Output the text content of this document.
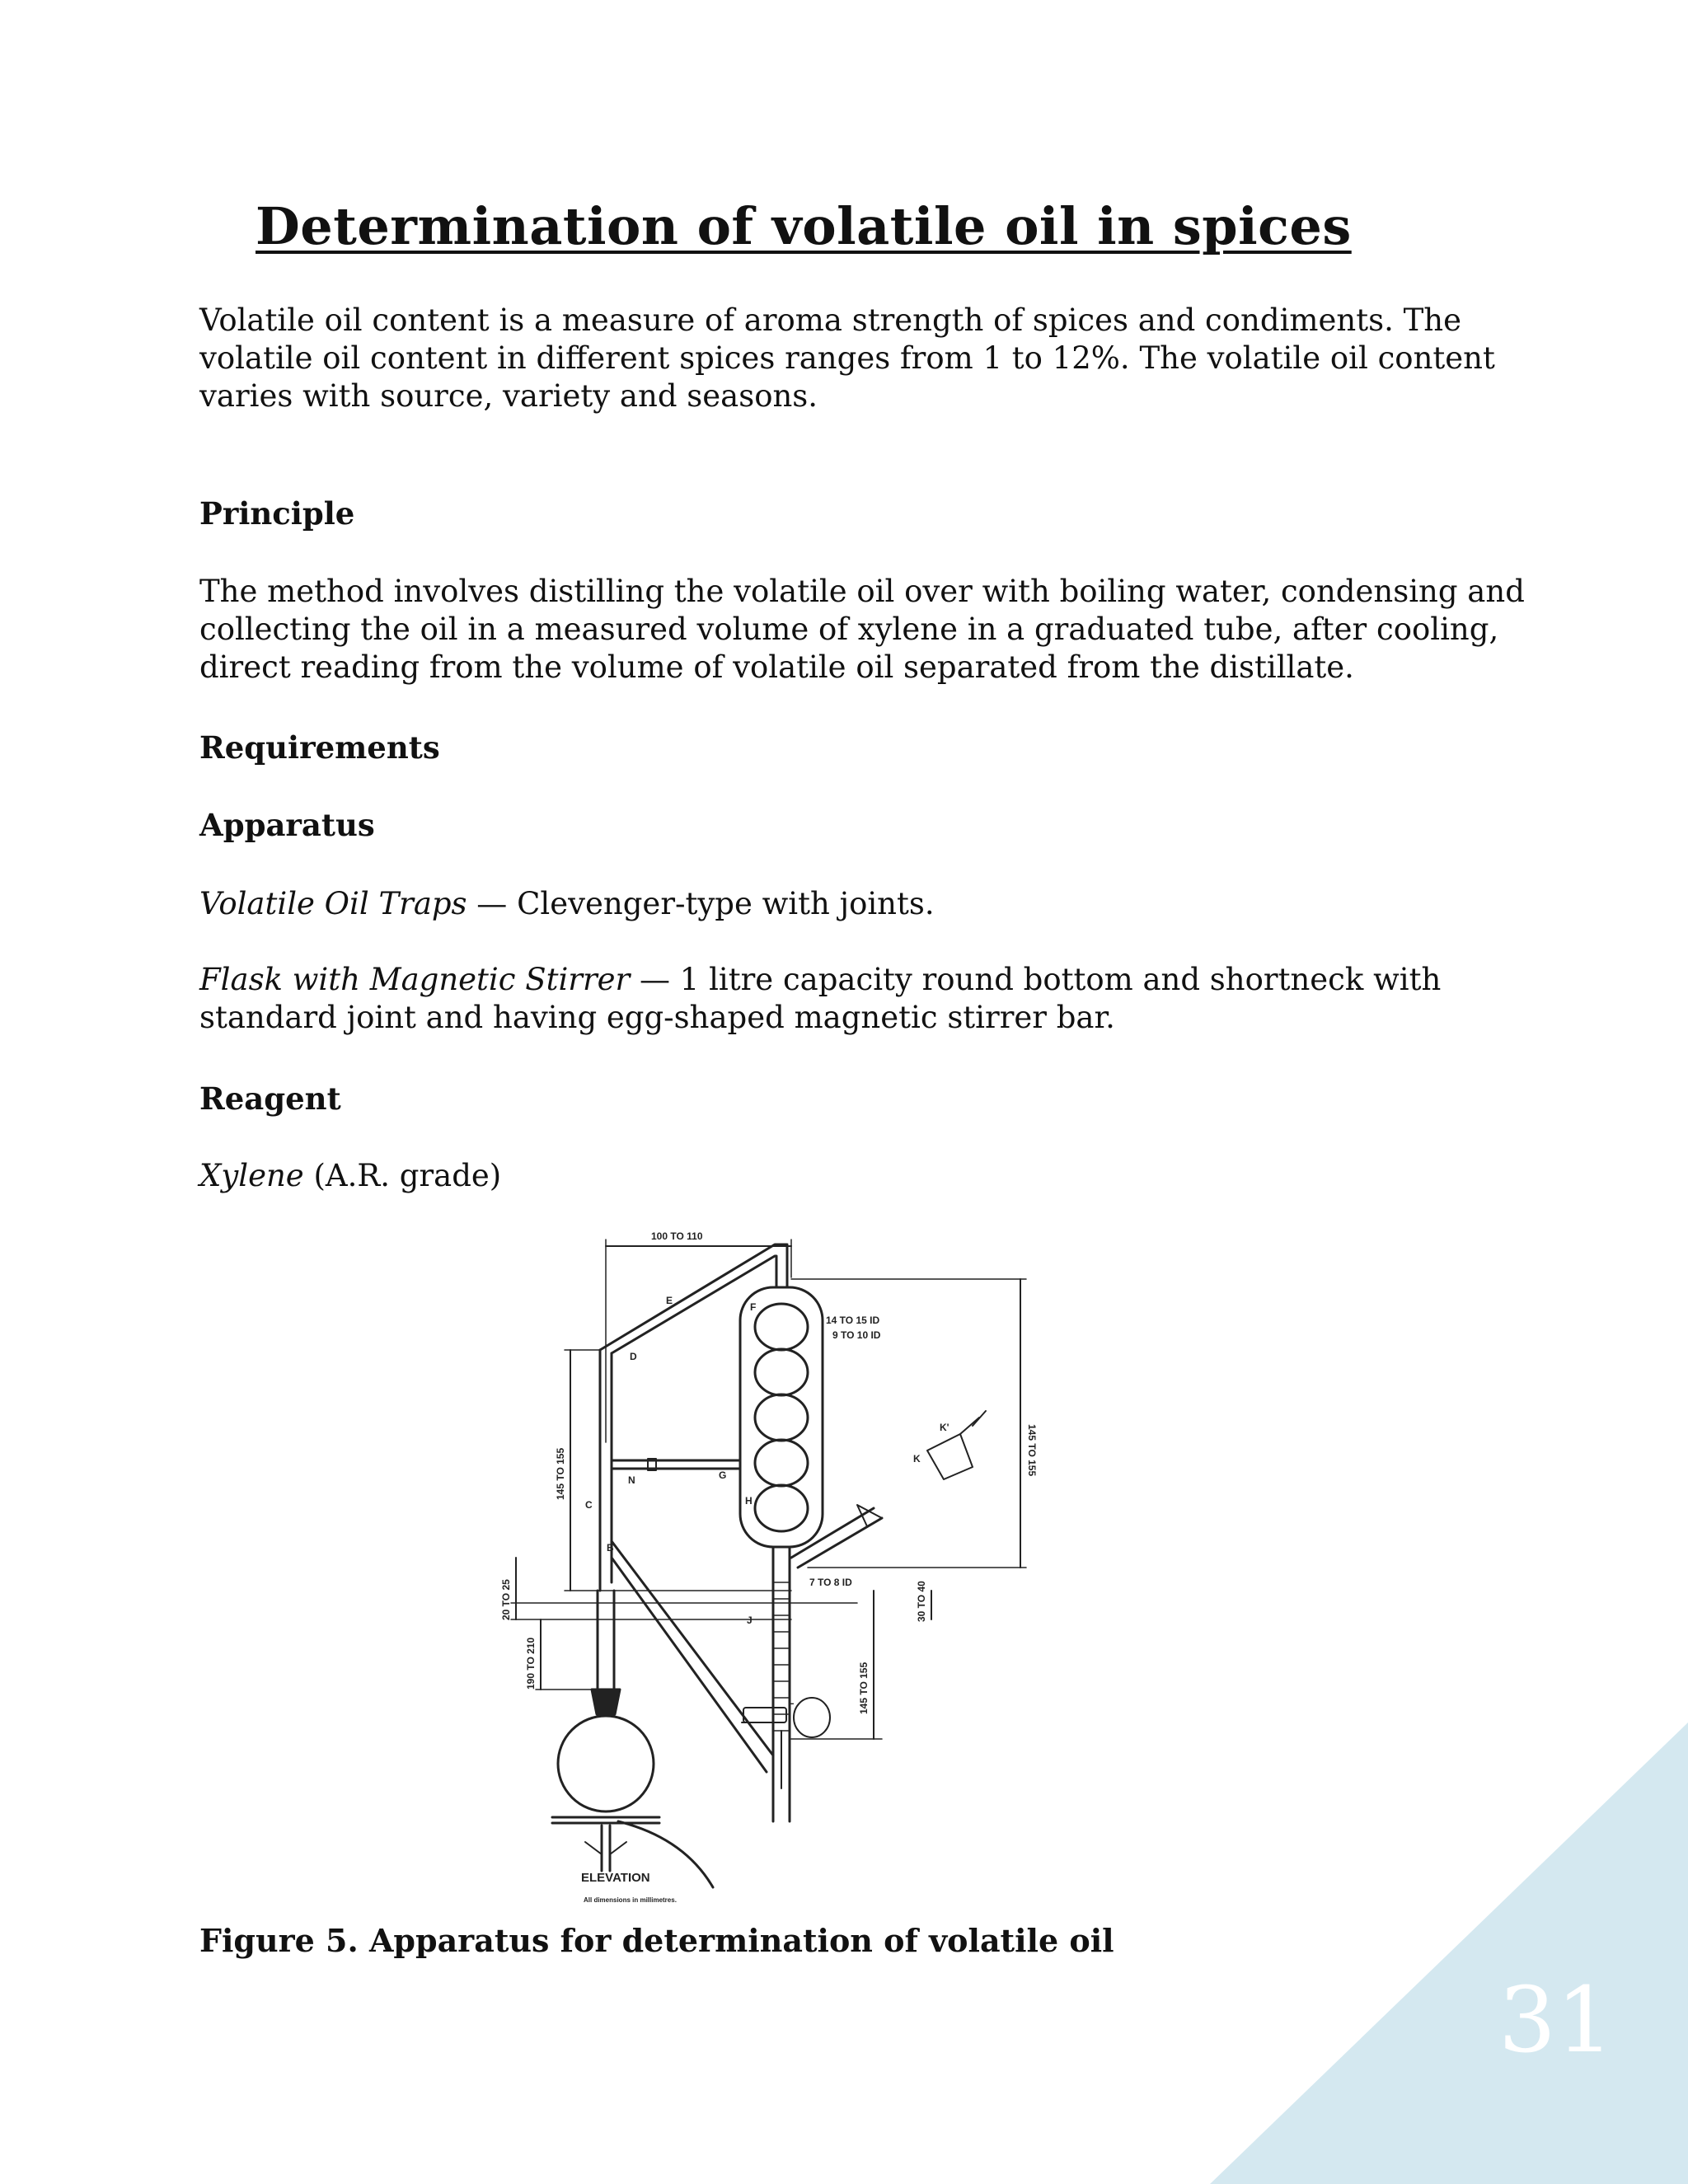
Determination of volatile oil in spices
Volatile oil content is a measure of aroma strength of spices and condiments. The volatile oil content in different spices ranges from 1 to 12%. The volatile oil content varies with source, variety and seasons.
Principle
The method involves distilling the volatile oil over with boiling water, condensing and collecting the oil in a measured volume of xylene in a graduated tube, after cooling, direct reading from the volume of volatile oil separated from the distillate.
Requirements
Apparatus
Volatile Oil Traps — Clevenger-type with joints.
Flask with Magnetic Stirrer — 1 litre capacity round bottom and shortneck with standard joint and having egg-shaped magnetic stirrer bar.
Reagent
Xylene (A.R. grade)
100 TO 110
14 TO 15 ID
9 TO 10 ID
7 TO 8 ID
145 TO 155
145 TO 155
145 TO 155
30 TO 40
20 TO 25
190 TO 210
E
F
D
N	G
H
C
B
J
K
K'
L
A
ELEVATION
All dimensions in millimetres.
Figure 5. Apparatus for determination of volatile oil
31
